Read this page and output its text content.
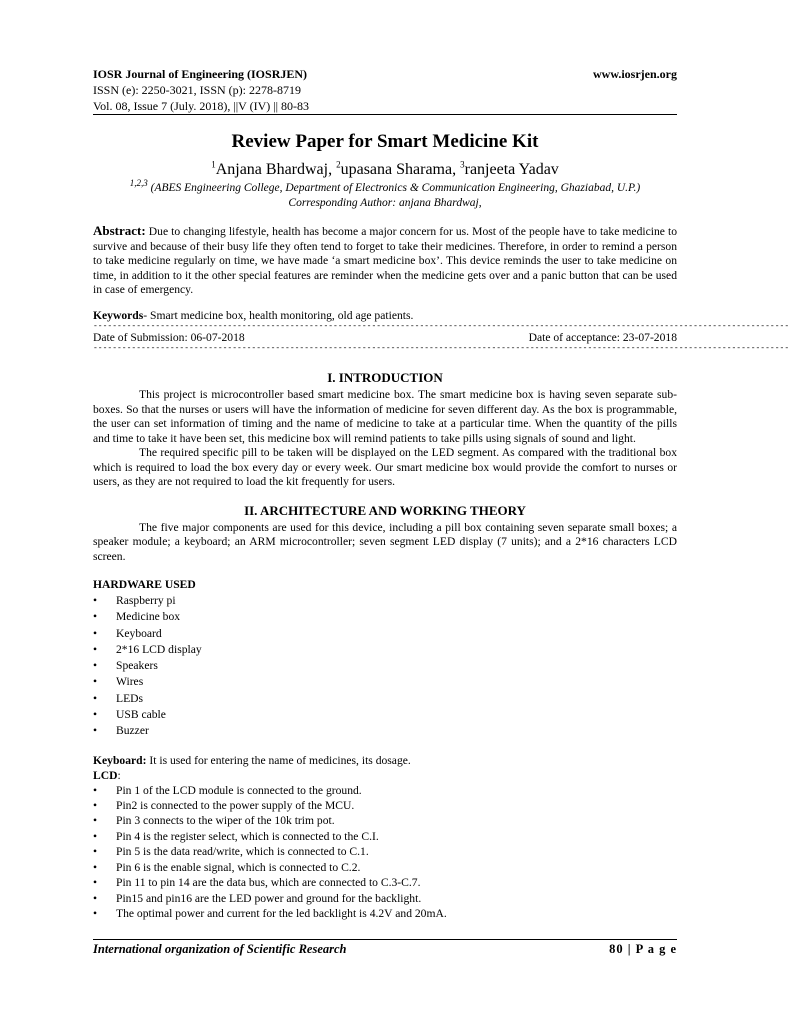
IOSR Journal of Engineering (IOSRJEN)	www.iosrjen.org
ISSN (e): 2250-3021, ISSN (p): 2278-8719
Vol. 08, Issue 7 (July. 2018), ||V (IV) || 80-83
Review Paper for Smart Medicine Kit
$^1$Anjana Bhardwaj, $^2$upasana Sharama, $^3$ranjeeta Yadav
$^{1,2,3}$ (ABES Engineering College, Department of Electronics & Communication Engineering, Ghaziabad, U.P.)
Corresponding Author: anjana Bhardwaj,
Abstract: Due to changing lifestyle, health has become a major concern for us. Most of the people have to take medicine to survive and because of their busy life they often tend to forget to take their medicines. Therefore, in order to remind a person to take medicine regularly on time, we have made ‘a smart medicine box’. This device reminds the user to take medicine on time, in addition to it the other special features are reminder when the medicine gets over and a panic button that can be used in case of emergency.
Keywords- Smart medicine box, health monitoring, old age patients.
-------------------------------------------------------------------------------------------------------------------------------------------------
Date of Submission: 06-07-2018	Date of acceptance: 23-07-2018
-------------------------------------------------------------------------------------------------------------------------------------------------
I. INTRODUCTION
This project is microcontroller based smart medicine box. The smart medicine box is having seven separate sub-boxes. So that the nurses or users will have the information of medicine for seven different day. As the box is programmable, the user can set information of timing and the name of medicine to take at a particular time. When the quantity of the pills and time to take it have been set, this medicine box will remind patients to take pills using signals of sound and light.
The required specific pill to be taken will be displayed on the LED segment. As compared with the traditional box which is required to load the box every day or every week. Our smart medicine box would provide the comfort to nurses or users, as they are not required to load the kit frequently for users.
II. ARCHITECTURE AND WORKING THEORY
The five major components are used for this device, including a pill box containing seven separate small boxes; a speaker module; a keyboard; an ARM microcontroller; seven segment LED display (7 units); and a 2*16 characters LCD screen.
HARDWARE USED
•	Raspberry pi
•	Medicine box
•	Keyboard
•	2*16 LCD display
•	Speakers
•	Wires
•	LEDs
•	USB cable
•	Buzzer
Keyboard: It is used for entering the name of medicines, its dosage.
LCD:
•	Pin 1 of the LCD module is connected to the ground.
•	Pin2 is connected to the power supply of the MCU.
•	Pin 3 connects to the wiper of the 10k trim pot.
•	Pin 4 is the register select, which is connected to the C.I.
•	Pin 5 is the data read/write, which is connected to C.1.
•	Pin 6 is the enable signal, which is connected to C.2.
•	Pin 11 to pin 14 are the data bus, which are connected to C.3-C.7.
•	Pin15 and pin16 are the LED power and ground for the backlight.
•	The optimal power and current for the led backlight is 4.2V and 20mA.
International organization of Scientific Research	80 | P a g e
